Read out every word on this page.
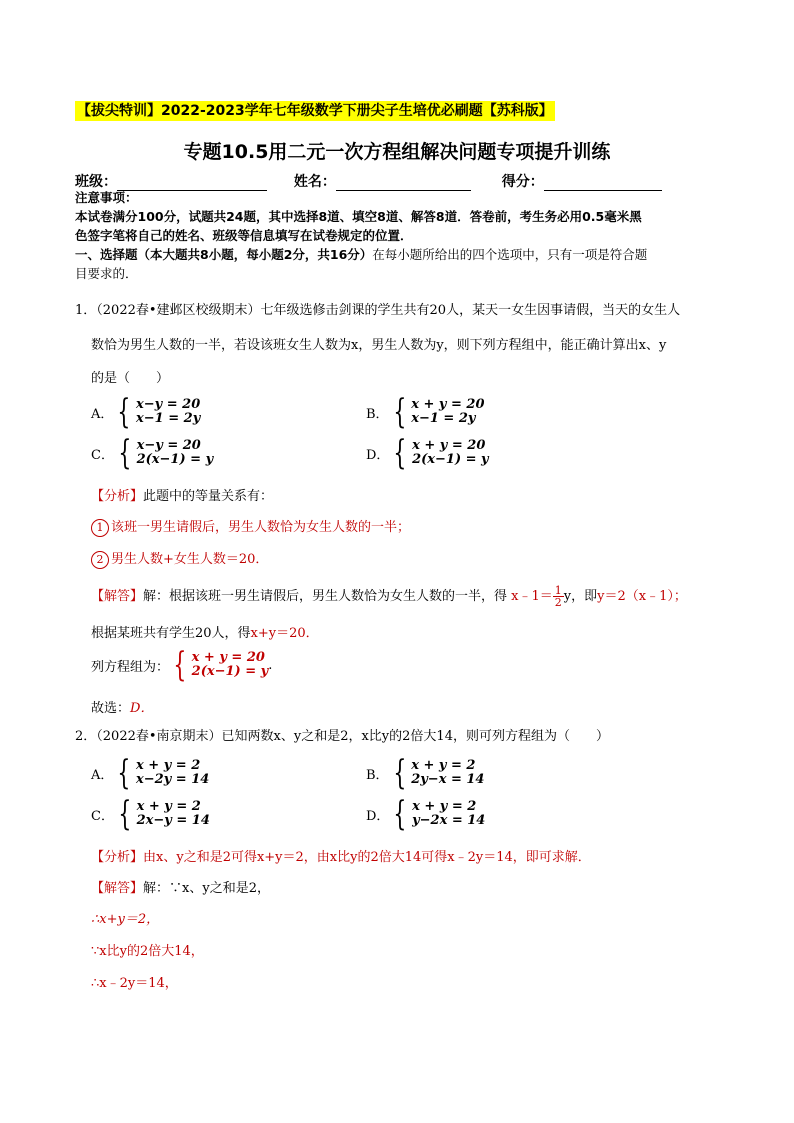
【拔尖特训】2022-2023学年七年级数学下册尖子生培优必刷题【苏科版】
专题10.5用二元一次方程组解决问题专项提升训练
班级：	姓名：	得分：
注意事项：
本试卷满分100分，试题共24题，其中选择8道、填空8道、解答8道．答卷前，考生务必用0.5毫米黑
色签字笔将自己的姓名、班级等信息填写在试卷规定的位置．
一、选择题（本大题共8小题，每小题2分，共16分）在每小题所给出的四个选项中，只有一项是符合题
目要求的．
1．（2022春•建邺区校级期末）七年级选修击剑课的学生共有20人，某天一女生因事请假，当天的女生人
数恰为男生人数的一半，若设该班女生人数为x，男生人数为y，则下列方程组中，能正确计算出x、y
的是（　　）
A． { x−y = 20
x−1 = 2y	B． { x + y = 20
x−1 = 2y
C． { x−y = 20
2(x−1) = y	D． { x + y = 20
2(x−1) = y
【分析】此题中的等量关系有：
1 该班一男生请假后，男生人数恰为女生人数的一半；
2 男生人数+女生人数＝20．
【解答】解：根据该班一男生请假后，男生人数恰为女生人数的一半，得 x﹣1＝ $\frac{1}{2}$ y，即y＝2（x﹣1）；
根据某班共有学生20人，得x+y＝20．
列方程组为： { x + y = 20
2(x−1) = y .
故选：D．
2．（2022春•南京期末）已知两数x、y之和是2，x比y的2倍大14，则可列方程组为（　　）
A． { x + y = 2
x−2y = 14	B． { x + y = 2
2y−x = 14
C． { x + y = 2
2x−y = 14	D． { x + y = 2
y−2x = 14
【分析】由x、y之和是2可得x+y＝2，由x比y的2倍大14可得x﹣2y＝14，即可求解．
【解答】解：∵x、y之和是2，
∴x+y＝2，
∵x比y的2倍大14，
∴x﹣2y＝14，
